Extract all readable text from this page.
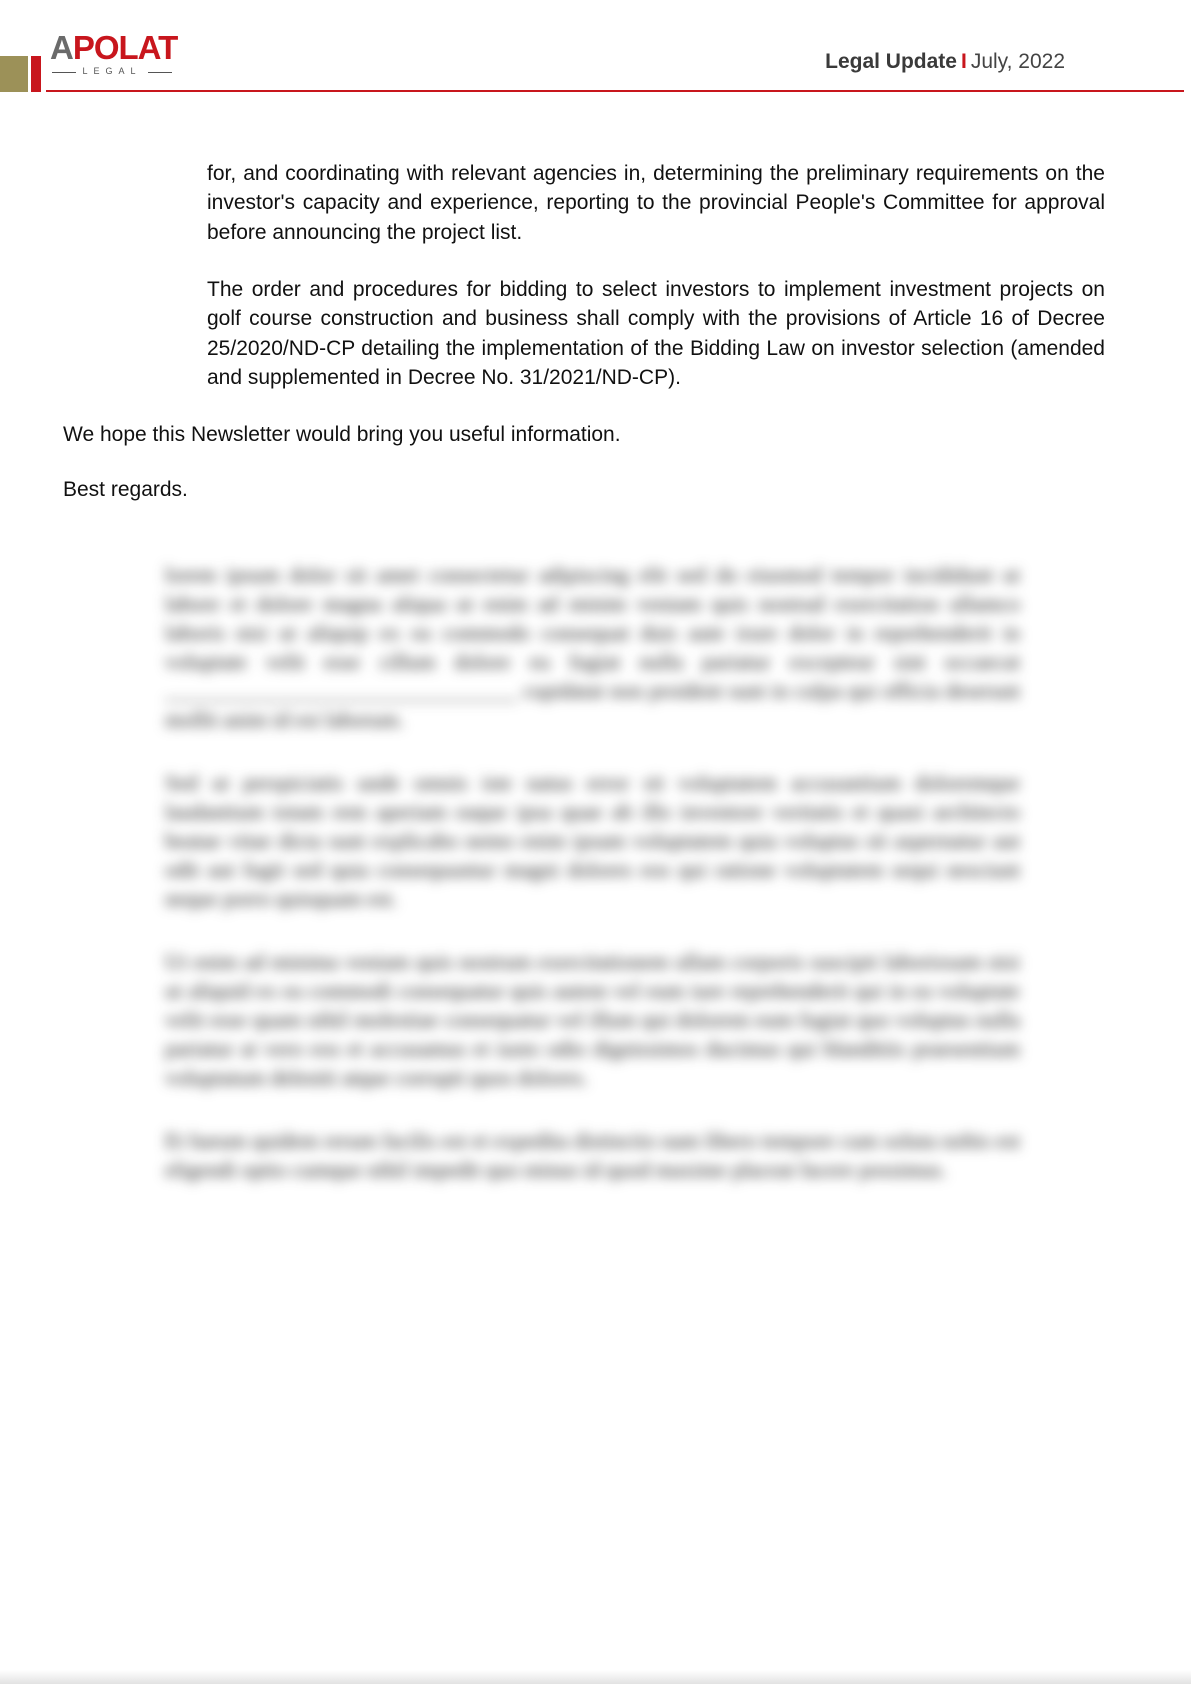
APOLAT
LEGAL	Legal Update I July, 2022
for, and coordinating with relevant agencies in, determining the preliminary requirements on the investor's capacity and experience, reporting to the provincial People's Committee for approval before announcing the project list.
The order and procedures for bidding to select investors to implement investment projects on golf course construction and business shall comply with the provisions of Article 16 of Decree 25/2020/ND-CP detailing the implementation of the Bidding Law on investor selection (amended and supplemented in Decree No. 31/2021/ND-CP).
We hope this Newsletter would bring you useful information.
Best regards.

lorem ipsum dolor sit amet consectetur adipiscing elit sed do eiusmod tempor incididunt ut labore et dolore magna aliqua ut enim ad minim veniam quis nostrud exercitation ullamco laboris nisi ut aliquip ex ea commodo consequat duis aute irure dolor in reprehenderit in voluptate velit esse cillum dolore eu fugiat nulla pariatur excepteur sint occaecat ________________________________ cupidatat non proident sunt in culpa qui officia deserunt mollit anim id est laborum.

Sed ut perspiciatis unde omnis iste natus error sit voluptatem accusantium doloremque laudantium totam rem aperiam eaque ipsa quae ab illo inventore veritatis et quasi architecto beatae vitae dicta sunt explicabo nemo enim ipsam voluptatem quia voluptas sit aspernatur aut odit aut fugit sed quia consequuntur magni dolores eos qui ratione voluptatem sequi nesciunt neque porro quisquam est.

Ut enim ad minima veniam quis nostrum exercitationem ullam corporis suscipit laboriosam nisi ut aliquid ex ea commodi consequatur quis autem vel eum iure reprehenderit qui in ea voluptate velit esse quam nihil molestiae consequatur vel illum qui dolorem eum fugiat quo voluptas nulla pariatur at vero eos et accusamus et iusto odio dignissimos ducimus qui blanditiis praesentium voluptatum deleniti atque corrupti quos dolores.

Et harum quidem rerum facilis est et expedita distinctio nam libero tempore cum soluta nobis est eligendi optio cumque nihil impedit quo minus id quod maxime placeat facere possimus.
